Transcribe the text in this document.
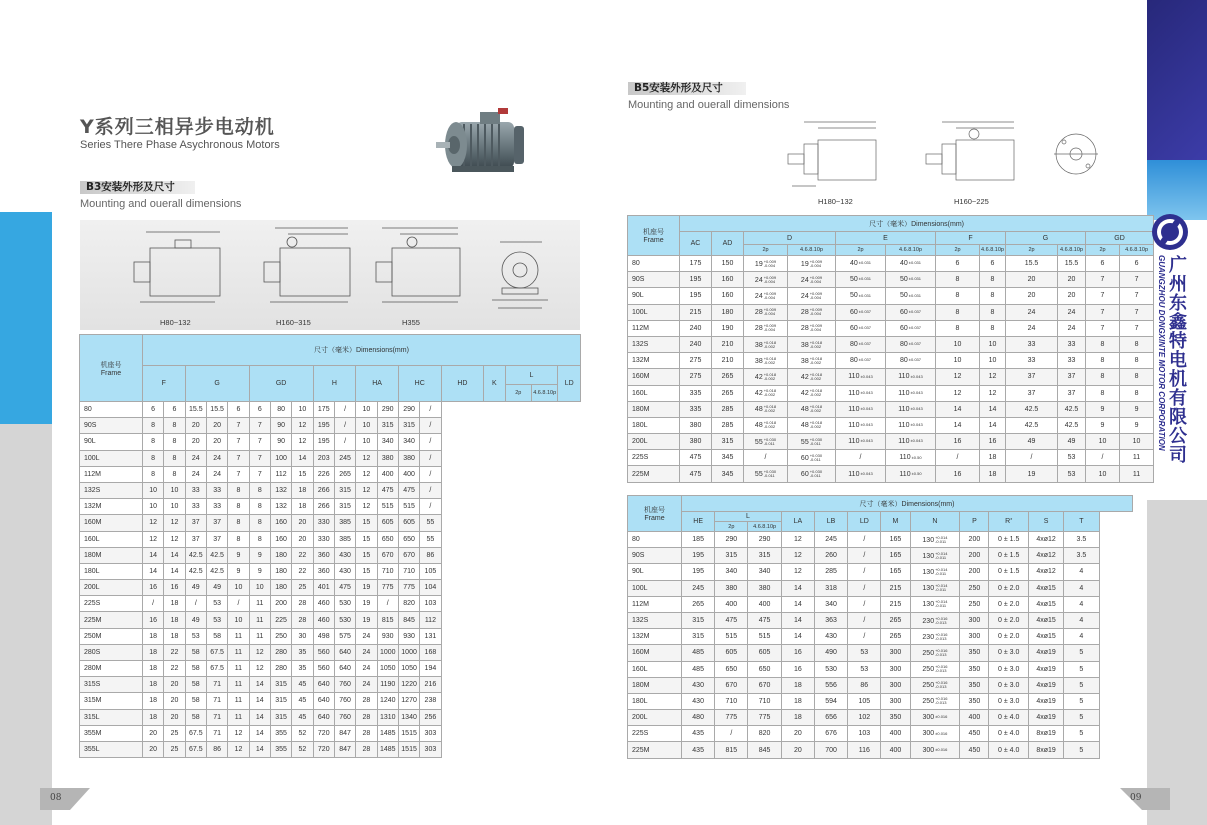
08	09
Y系列三相异步电动机
Series There Phase Asychronous Motors
B3安装外形及尺寸
Mounting and ouerall dimensions
H80~132	H160~315	H355
机座号
Frame	尺寸（毫米）Dimensions(mm)																		
	F		G			GD			H		HA		HC		HD	K	L		LD
																	2p	4.6.8.10p	
80	6	6	15.5	15.5	6	6	80	10	175	/	10	290	290	/					
90S	8	8	20	20	7	7	90	12	195	/	10	315	315	/					
90L	8	8	20	20	7	7	90	12	195	/	10	340	340	/					
100L	8	8	24	24	7	7	100	14	203	245	12	380	380	/					
112M	8	8	24	24	7	7	112	15	226	265	12	400	400	/					
132S	10	10	33	33	8	8	132	18	266	315	12	475	475	/					
132M	10	10	33	33	8	8	132	18	266	315	12	515	515	/					
160M	12	12	37	37	8	8	160	20	330	385	15	605	605	55					
160L	12	12	37	37	8	8	160	20	330	385	15	650	650	55					
180M	14	14	42.5	42.5	9	9	180	22	360	430	15	670	670	86					
180L	14	14	42.5	42.5	9	9	180	22	360	430	15	710	710	105					
200L	16	16	49	49	10	10	180	25	401	475	19	775	775	104					
225S	/	18	/	53	/	11	200	28	460	530	19	/	820	103					
225M	16	18	49	53	10	11	225	28	460	530	19	815	845	112					
250M	18	18	53	58	11	11	250	30	498	575	24	930	930	131					
280S	18	22	58	67.5	11	12	280	35	560	640	24	1000	1000	168					
280M	18	22	58	67.5	11	12	280	35	560	640	24	1050	1050	194					
315S	18	20	58	71	11	14	315	45	640	760	24	1190	1220	216					
315M	18	20	58	71	11	14	315	45	640	760	28	1240	1270	238					
315L	18	20	58	71	11	14	315	45	640	760	28	1310	1340	256					
355M	20	25	67.5	71	12	14	355	52	720	847	28	1485	1515	303					
355L	20	25	67.5	86	12	14	355	52	720	847	28	1485	1515	303					
B5安装外形及尺寸
Mounting and ouerall dimensions
H180~132	H160~225
机座号
Frame	尺寸（毫米）Dimensions(mm)											
	AC	AD	D		E		F		G		GD	
			2p	4.6.8.10p	2p	4.6.8.10p	2p	4.6.8.10p	2p	4.6.8.10p	2p	4.6.8.10p
80	175	150	19 +0.009
-0.004	19 +0.009
-0.004	40 ±0.031	40 ±0.031	6	6	15.5	15.5	6	6
90S	195	160	24 +0.009
-0.004	24 +0.009
-0.004	50 ±0.031	50 ±0.031	8	8	20	20	7	7
90L	195	160	24 +0.009
-0.004	24 +0.009
-0.004	50 ±0.031	50 ±0.031	8	8	20	20	7	7
100L	215	180	28 +0.009
-0.004	28 +0.009
-0.004	60 ±0.037	60 ±0.037	8	8	24	24	7	7
112M	240	190	28 +0.009
-0.004	28 +0.009
-0.004	60 ±0.037	60 ±0.037	8	8	24	24	7	7
132S	240	210	38 +0.018
-0.002	38 +0.018
-0.002	80 ±0.037	80 ±0.037	10	10	33	33	8	8
132M	275	210	38 +0.018
-0.002	38 +0.018
-0.002	80 ±0.037	80 ±0.037	10	10	33	33	8	8
160M	275	265	42 +0.018
-0.002	42 +0.018
-0.002	110 ±0.043	110 ±0.043	12	12	37	37	8	8
160L	335	265	42 +0.018
-0.002	42 +0.018
-0.002	110 ±0.043	110 ±0.043	12	12	37	37	8	8
180M	335	285	48 +0.018
-0.002	48 +0.018
-0.002	110 ±0.043	110 ±0.043	14	14	42.5	42.5	9	9
180L	380	285	48 +0.018
-0.002	48 +0.018
-0.002	110 ±0.043	110 ±0.043	14	14	42.5	42.5	9	9
200L	380	315	55 +0.030
-0.011	55 +0.030
-0.011	110 ±0.043	110 ±0.043	16	16	49	49	10	10
225S	475	345	/	60 +0.030
-0.011	/	110 ±0.50	/	18	/	53	/	11
225M	475	345	55 +0.030
-0.011	60 +0.030
-0.011	110 ±0.043	110 ±0.50	16	18	19	53	10	11
机座号
Frame	尺寸（毫米）Dimensions(mm)											
	HE	L		LA	LB	LD	M	N	P	R*	S	T
		2p	4.6.8.10p									
80	185	290	290	12	245	/	165	130 +0.014
-0.011	200	0 ± 1.5	4xø12	3.5
90S	195	315	315	12	260	/	165	130 +0.014
-0.011	200	0 ± 1.5	4xø12	3.5
90L	195	340	340	12	285	/	165	130 +0.014
-0.011	200	0 ± 1.5	4xø12	4
100L	245	380	380	14	318	/	215	130 +0.014
-0.011	250	0 ± 2.0	4xø15	4
112M	265	400	400	14	340	/	215	130 +0.014
-0.011	250	0 ± 2.0	4xø15	4
132S	315	475	475	14	363	/	265	230 +0.016
-0.013	300	0 ± 2.0	4xø15	4
132M	315	515	515	14	430	/	265	230 +0.016
-0.013	300	0 ± 2.0	4xø15	4
160M	485	605	605	16	490	53	300	250 +0.016
-0.013	350	0 ± 3.0	4xø19	5
160L	485	650	650	16	530	53	300	250 +0.016
-0.013	350	0 ± 3.0	4xø19	5
180M	430	670	670	18	556	86	300	250 +0.016
-0.013	350	0 ± 3.0	4xø19	5
180L	430	710	710	18	594	105	300	250 +0.016
-0.013	350	0 ± 3.0	4xø19	5
200L	480	775	775	18	656	102	350	300 ±0.016	400	0 ± 4.0	4xø19	5
225S	435	/	820	20	676	103	400	300 ±0.016	450	0 ± 4.0	8xø19	5
225M	435	815	845	20	700	116	400	300 ±0.016	450	0 ± 4.0	8xø19	5
广州东鑫特电机有限公司
GUANGZHOU DONGXINTE MOTOR CORPORATION
